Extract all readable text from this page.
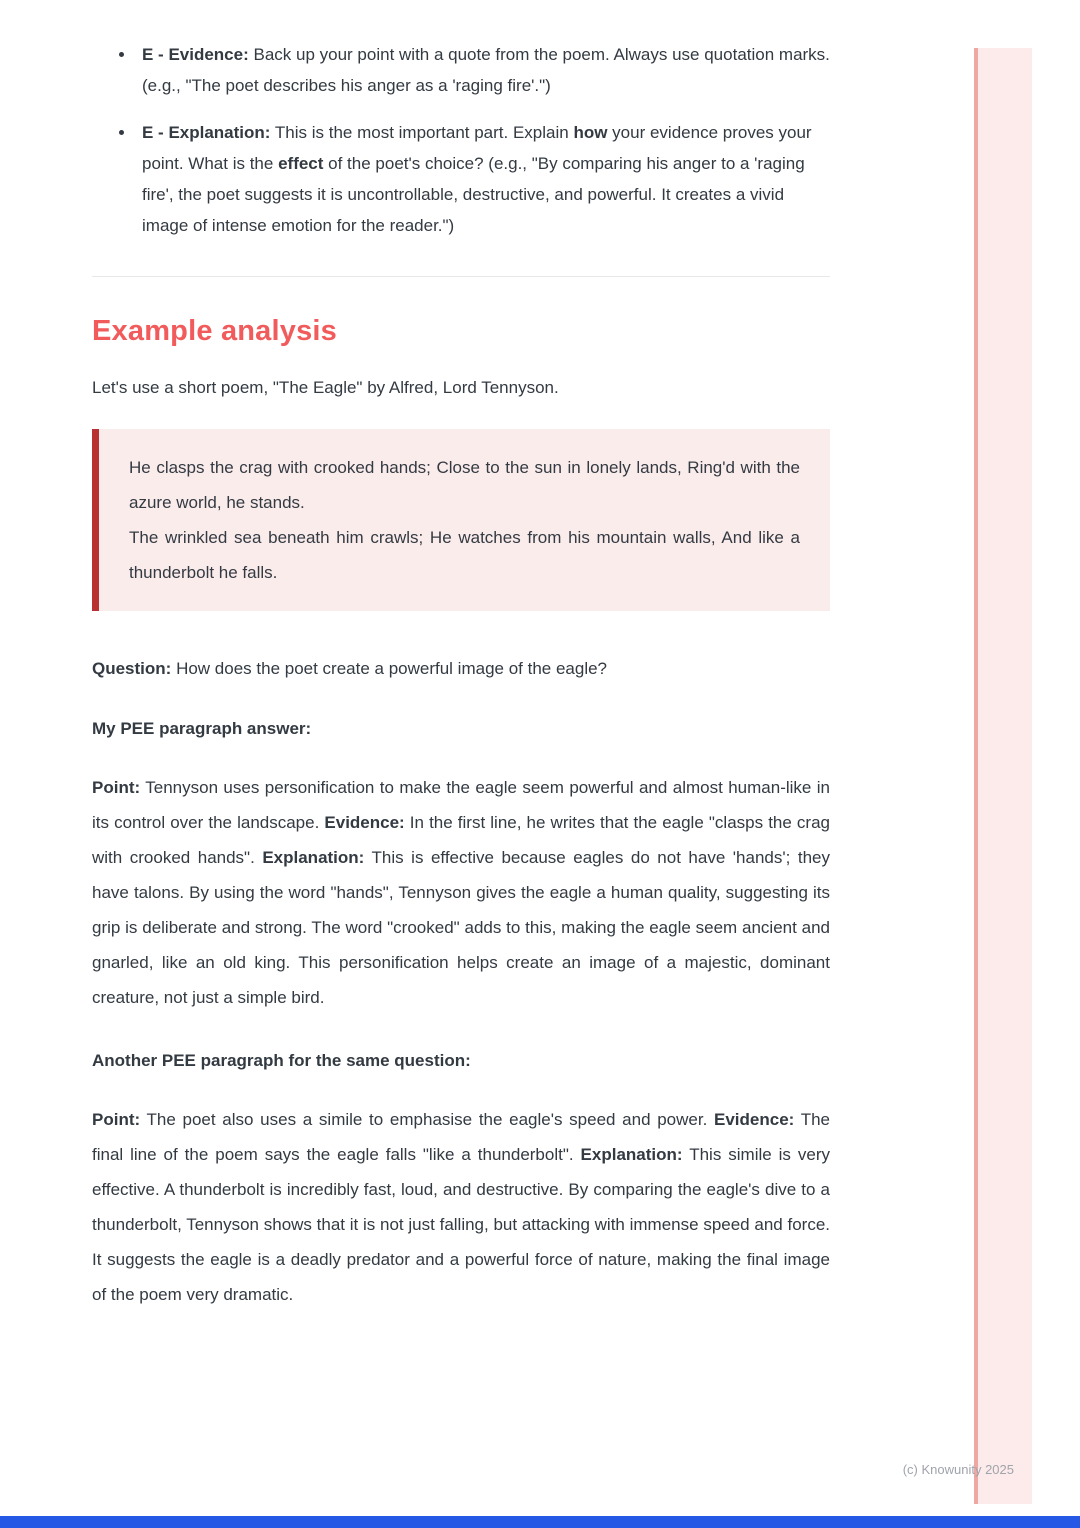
• E - Evidence: Back up your point with a quote from the poem. Always use quotation marks. (e.g., "The poet describes his anger as a 'raging fire'.")
• E - Explanation: This is the most important part. Explain how your evidence proves your point. What is the effect of the poet's choice? (e.g., "By comparing his anger to a 'raging fire', the poet suggests it is uncontrollable, destructive, and powerful. It creates a vivid image of intense emotion for the reader.")
Example analysis

Let's use a short poem, "The Eagle" by Alfred, Lord Tennyson.

He clasps the crag with crooked hands; Close to the sun in lonely lands, Ring'd with the azure world, he stands.

The wrinkled sea beneath him crawls; He watches from his mountain walls, And like a thunderbolt he falls.

Question: How does the poet create a powerful image of the eagle?

My PEE paragraph answer:

Point: Tennyson uses personification to make the eagle seem powerful and almost human-like in its control over the landscape. Evidence: In the first line, he writes that the eagle "clasps the crag with crooked hands". Explanation: This is effective because eagles do not have 'hands'; they have talons. By using the word "hands", Tennyson gives the eagle a human quality, suggesting its grip is deliberate and strong. The word "crooked" adds to this, making the eagle seem ancient and gnarled, like an old king. This personification helps create an image of a majestic, dominant creature, not just a simple bird.

Another PEE paragraph for the same question:

Point: The poet also uses a simile to emphasise the eagle's speed and power. Evidence: The final line of the poem says the eagle falls "like a thunderbolt". Explanation: This simile is very effective. A thunderbolt is incredibly fast, loud, and destructive. By comparing the eagle's dive to a thunderbolt, Tennyson shows that it is not just falling, but attacking with immense speed and force. It suggests the eagle is a deadly predator and a powerful force of nature, making the final image of the poem very dramatic.

(c) Knowunity 2025
